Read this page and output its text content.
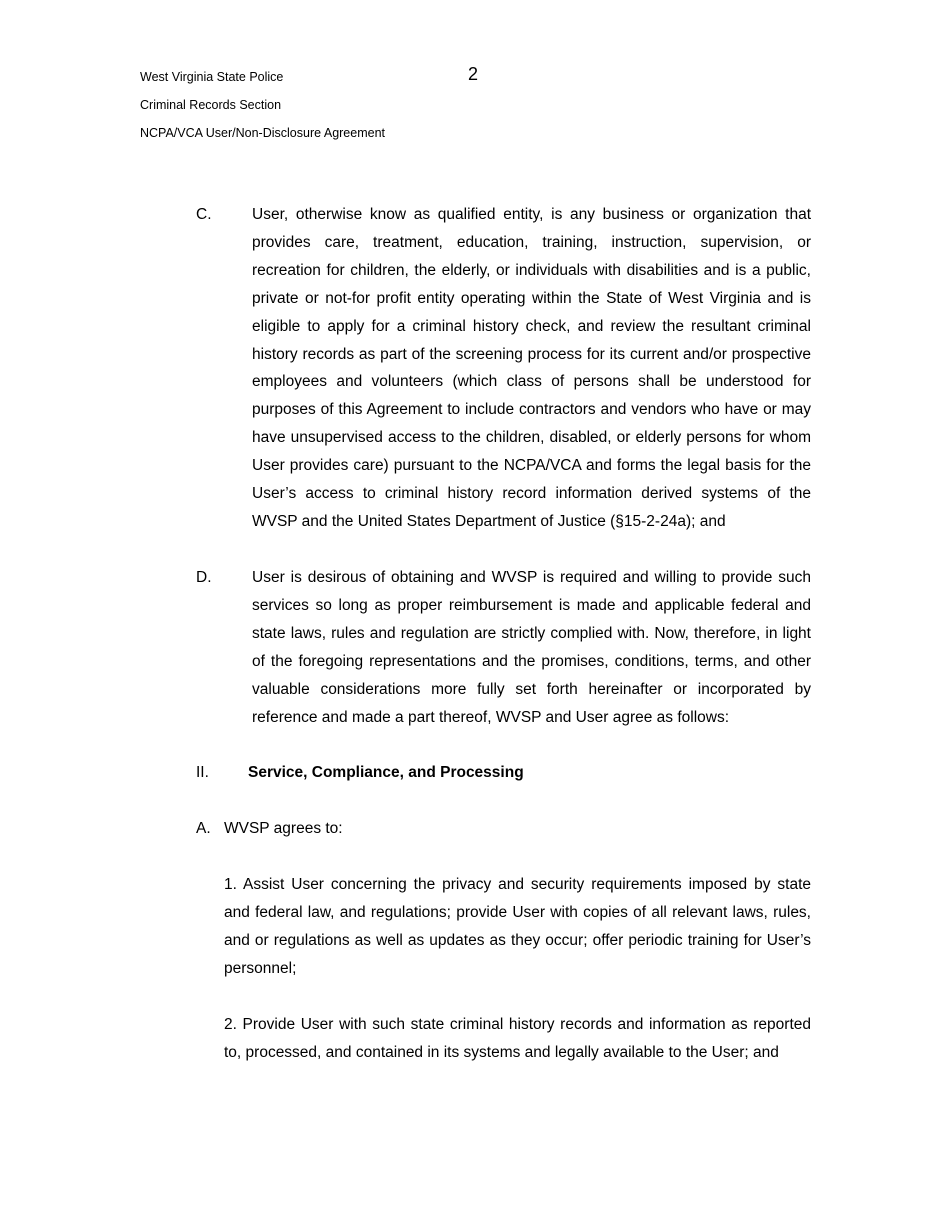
West Virginia State Police
Criminal Records Section
NCPA/VCA User/Non-Disclosure Agreement
2
C.	User, otherwise know as qualified entity, is any business or organization that provides care, treatment, education, training, instruction, supervision, or recreation for children, the elderly, or individuals with disabilities and is a public, private or not-for profit entity operating within the State of West Virginia and is eligible to apply for a criminal history check, and review the resultant criminal history records as part of the screening process for its current and/or prospective employees and volunteers (which class of persons shall be understood for purposes of this Agreement to include contractors and vendors who have or may have unsupervised access to the children, disabled, or elderly persons for whom User provides care) pursuant to the NCPA/VCA and forms the legal basis for the User’s access to criminal history record information derived systems of the WVSP and the United States Department of Justice (§15-2-24a); and
D.	User is desirous of obtaining and WVSP is required and willing to provide such services so long as proper reimbursement is made and applicable federal and state laws, rules and regulation are strictly complied with. Now, therefore, in light of the foregoing representations and the promises, conditions, terms, and other valuable considerations more fully set forth hereinafter or incorporated by reference and made a part thereof, WVSP and User agree as follows:
II.	Service, Compliance, and Processing
A. WVSP agrees to:
1. Assist User concerning the privacy and security requirements imposed by state and federal law, and regulations; provide User with copies of all relevant laws, rules, and or regulations as well as updates as they occur; offer periodic training for User’s personnel;
2. Provide User with such state criminal history records and information as reported to, processed, and contained in its systems and legally available to the User; and
